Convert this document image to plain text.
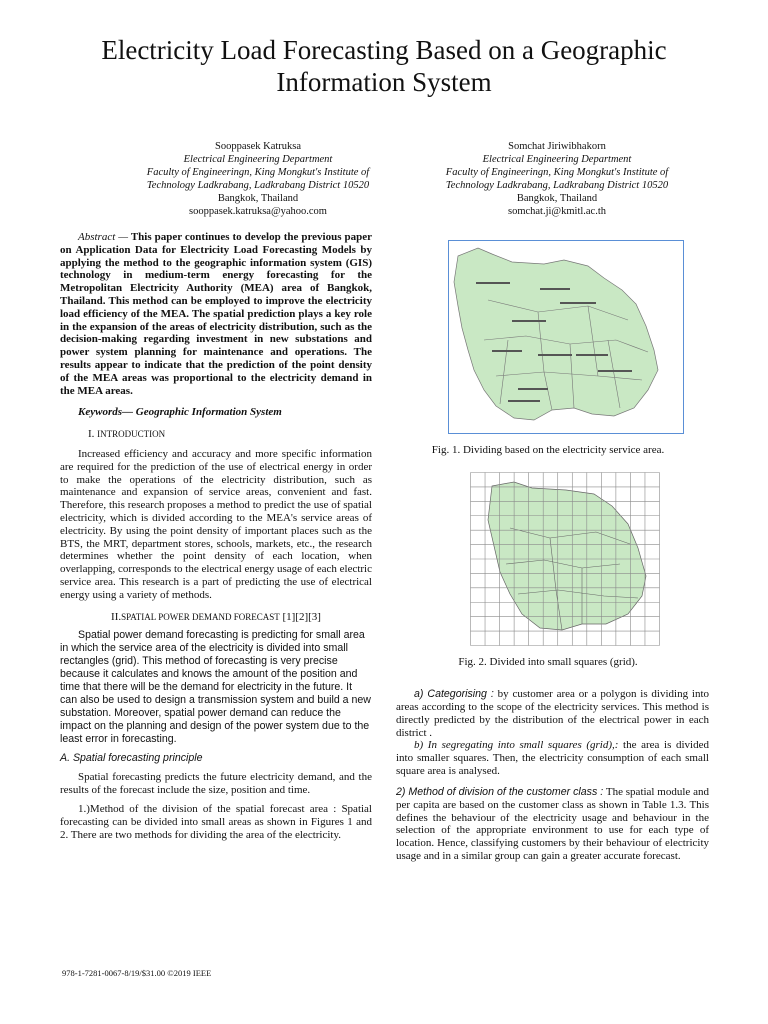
Electricity Load Forecasting Based on a Geographic Information System
Sooppasek Katruksa
Electrical Engineering Department
Faculty of Engineeringn, King Mongkut's Institute of
Technology Ladkrabang, Ladkrabang District 10520
Bangkok, Thailand
sooppasek.katruksa@yahoo.com
Somchat Jiriwibhakorn
Electrical Engineering Department
Faculty of Engineeringn, King Mongkut's Institute of
Technology Ladkrabang, Ladkrabang District 10520
Bangkok, Thailand
somchat.ji@kmitl.ac.th

Abstract — This paper continues to develop the previous paper on Application Data for Electricity Load Forecasting Models by applying the method to the geographic information system (GIS) technology in medium-term energy forecasting for the Metropolitan Electricity Authority (MEA) area of Bangkok, Thailand. This method can be employed to improve the electricity load efficiency of the MEA. The spatial prediction plays a key role in the expansion of the areas of electricity distribution, such as the decision-making regarding investment in new substations and power system planning for maintenance and operations. The results appear to indicate that the prediction of the point density of the MEA areas was proportional to the electricity demand in the MEA areas.

Keywords— Geographic Information System

I. INTRODUCTION

Increased efficiency and accuracy and more specific information are required for the prediction of the use of electrical energy in order to make the operations of the electricity distribution, such as maintenance and expansion of service areas, convenient and fast. Therefore, this research proposes a method to predict the use of spatial electricity, which is divided according to the MEA's service areas of electricity. By using the point density of important places such as the BTS, the MRT, department stores, schools, markets, etc., the research determines whether the point density of each location, when overlapping, corresponds to the electrical energy usage of each electric service area. This research is a part of predicting the use of electrical energy using a variety of methods.

II.SPATIAL POWER DEMAND FORECAST [1][2][3]

Spatial power demand forecasting is predicting for small area in which the service area of the electricity is divided into small rectangles (grid). This method of forecasting is very precise because it calculates and knows the amount of the position and time that there will be the demand for electricity in the future. It can also be used to design a transmission system and build a new substation. Moreover, spatial power demand can reduce the impact on the planning and design of the power system due to the least error in forecasting.

A. Spatial forecasting principle

Spatial forecasting predicts the future electricity demand, and the results of the forecast include the size, position and time.

1.)Method of the division of the spatial forecast area : Spatial forecasting can be divided into small areas as shown in Figures 1 and 2. There are two methods for dividing the area of the electricity.

Fig. 1. Dividing based on the electricity service area.
Fig. 2. Divided into small squares (grid).

a) Categorising : by customer area or a polygon is dividing into areas according to the scope of the electricity services. This method is directly predicted by the distribution of the electrical power in each district .

b) In segregating into small squares (grid),: the area is divided into smaller squares. Then, the electricity consumption of each small square area is analysed.

2) Method of division of the customer class : The spatial module and per capita are based on the customer class as shown in Table 1.3. This defines the behaviour of the electricity usage and behaviour in the selection of the appropriate environment to use for each type of location. Hence, classifying customers by their behaviour of electricity usage and in a similar group can gain a greater accurate forecast.

978-1-7281-0067-8/19/$31.00 ©2019 IEEE
